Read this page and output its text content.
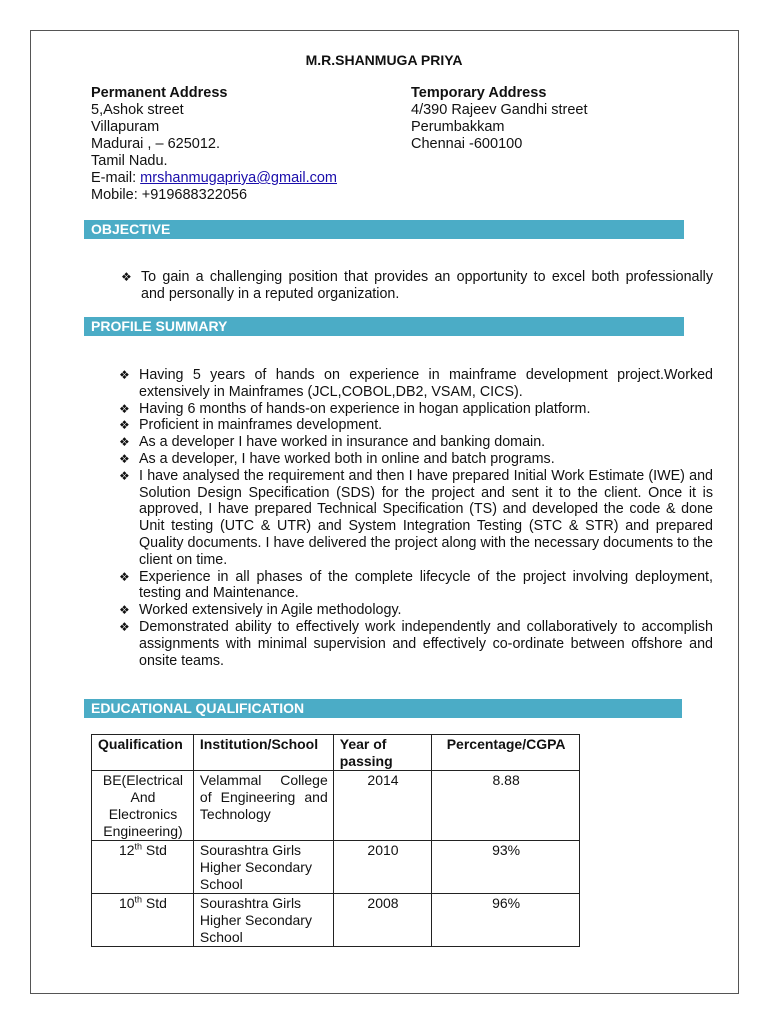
M.R.SHANMUGA PRIYA
Permanent Address
5,Ashok street
Villapuram
Madurai , – 625012.
Tamil Nadu.
E-mail: mrshanmugapriya@gmail.com
Mobile: +919688322056
Temporary Address
4/390 Rajeev Gandhi street
Perumbakkam
Chennai -600100
OBJECTIVE
❖ To gain a challenging position that provides an opportunity to excel both professionally and personally in a reputed organization.
PROFILE SUMMARY
❖ Having 5 years of hands on experience in mainframe development project.Worked extensively in Mainframes (JCL,COBOL,DB2, VSAM, CICS).
❖ Having 6 months of hands-on experience in hogan application platform.
❖ Proficient in mainframes development.
❖ As a developer I have worked in insurance and banking domain.
❖ As a developer, I have worked both in online and batch programs.
❖ I have analysed the requirement and then I have prepared Initial Work Estimate (IWE) and Solution Design Specification (SDS) for the project and sent it to the client. Once it is approved, I have prepared Technical Specification (TS) and developed the code & done Unit testing (UTC & UTR) and System Integration Testing (STC & STR) and prepared Quality documents. I have delivered the project along with the necessary documents to the client on time.
❖ Experience in all phases of the complete lifecycle of the project involving deployment, testing and Maintenance.
❖ Worked extensively in Agile methodology.
❖ Demonstrated ability to effectively work independently and collaboratively to accomplish assignments with minimal supervision and effectively co-ordinate between offshore and onsite teams.
EDUCATIONAL QUALIFICATION
Qualification	Institution/School	Year of passing	Percentage/CGPA
BE(Electrical And Electronics Engineering)	Velammal College of Engineering and Technology	2014	8.88
12th Std	Sourashtra Girls Higher Secondary School	2010	93%
10th Std	Sourashtra Girls Higher Secondary School	2008	96%
